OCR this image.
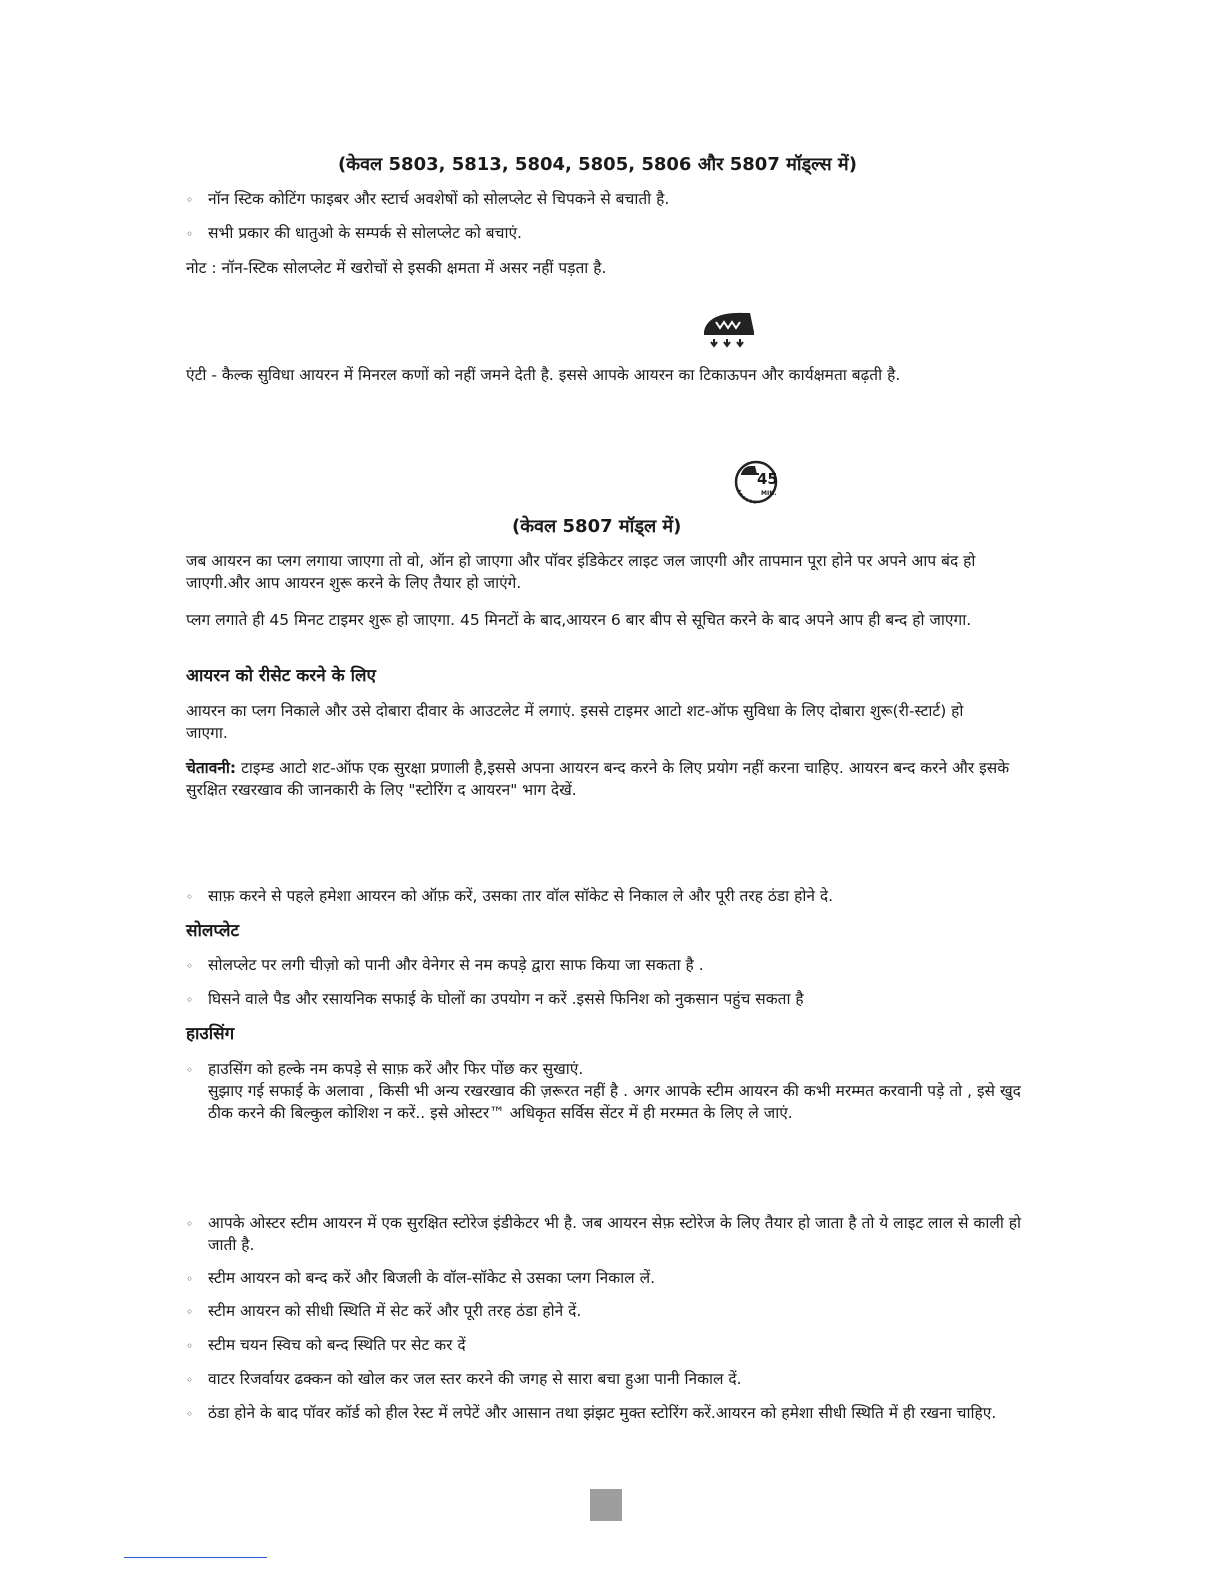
(केवल 5803, 5813, 5804, 5805, 5806 और 5807 मॉड्ल्स में)
◦ नॉन स्टिक कोटिंग फाइबर और स्टार्च अवशेषों को सोलप्लेट से चिपकने से बचाती है.
◦ सभी प्रकार की धातुओ के सम्पर्क से सोलप्लेट को बचाएं.
नोट : नॉन-स्टिक सोलप्लेट में खरोचों से इसकी क्षमता में असर नहीं पड़ता है.
एंटी - कैल्क सुविधा आयरन में मिनरल कणों को नहीं जमने देती है. इससे आपके आयरन का टिकाऊपन और कार्यक्षमता बढ़ती है.
45
MIN.
(केवल 5807 मॉड्ल में)
जब आयरन का प्लग लगाया जाएगा तो वो, ऑन हो जाएगा और पॉवर इंडिकेटर लाइट जल जाएगी और तापमान पूरा होने पर अपने आप बंद हो जाएगी.और आप आयरन शुरू करने के लिए तैयार हो जाएंगे.
प्लग लगाते ही 45 मिनट टाइमर शुरू हो जाएगा. 45 मिनटों के बाद,आयरन 6 बार बीप से सूचित करने के बाद अपने आप ही बन्द हो जाएगा.
आयरन को रीसेट करने के लिए
आयरन का प्लग निकाले और उसे दोबारा दीवार के आउटलेट में लगाएं. इससे टाइमर आटो शट-ऑफ सुविधा के लिए दोबारा शुरू(री-स्टार्ट) हो जाएगा.
चेतावनी: टाइम्ड आटो शट-ऑफ एक सुरक्षा प्रणाली है,इससे अपना आयरन बन्द करने के लिए प्रयोग नहीं करना चाहिए. आयरन बन्द करने और इसके सुरक्षित रखरखाव की जानकारी के लिए "स्टोरिंग द आयरन" भाग देखें.
◦ साफ़ करने से पहले हमेशा आयरन को ऑफ़ करें, उसका तार वॉल सॉकेट से निकाल ले और पूरी तरह ठंडा होने दे.
सोलप्लेट
◦ सोलप्लेट पर लगी चीज़ो को पानी और वेनेगर से नम कपड़े द्वारा साफ किया जा सकता है .
◦ घिसने वाले पैड और रसायनिक सफाई के घोलों का उपयोग न करें .इससे फिनिश को नुकसान पहुंच सकता है
हाउसिंग
◦ हाउसिंग को हल्के नम कपड़े से साफ़ करें और फिर पोंछ कर सुखाएं.
सुझाए गई सफाई के अलावा , किसी भी अन्य रखरखाव की ज़रूरत नहीं है . अगर आपके स्टीम आयरन की कभी मरम्मत करवानी पड़े तो , इसे खुद ठीक करने की बिल्कुल कोशिश न करें.. इसे ओस्टर™ अधिकृत सर्विस सेंटर में ही मरम्मत के लिए ले जाएं.
◦ आपके ओस्टर स्टीम आयरन में एक सुरक्षित स्टोरेज इंडीकेटर भी है. जब आयरन सेफ़ स्टोरेज के लिए तैयार हो जाता है तो ये लाइट लाल से काली हो जाती है.
◦ स्टीम आयरन को बन्द करें और बिजली के वॉल-सॉकेट से उसका प्लग निकाल लें.
◦ स्टीम आयरन को सीधी स्थिति में सेट करें और पूरी तरह ठंडा होने दें.
◦ स्टीम चयन स्विच को बन्द स्थिति पर सेट कर दें
◦ वाटर रिजर्वायर ढक्कन को खोल कर जल स्तर करने की जगह से सारा बचा हुआ पानी निकाल दें.
◦ ठंडा होने के बाद पॉवर कॉर्ड को हील रेस्ट में लपेटें और आसान तथा झंझट मुक्त स्टोरिंग करें.आयरन को हमेशा सीधी स्थिति में ही रखना चाहिए.
